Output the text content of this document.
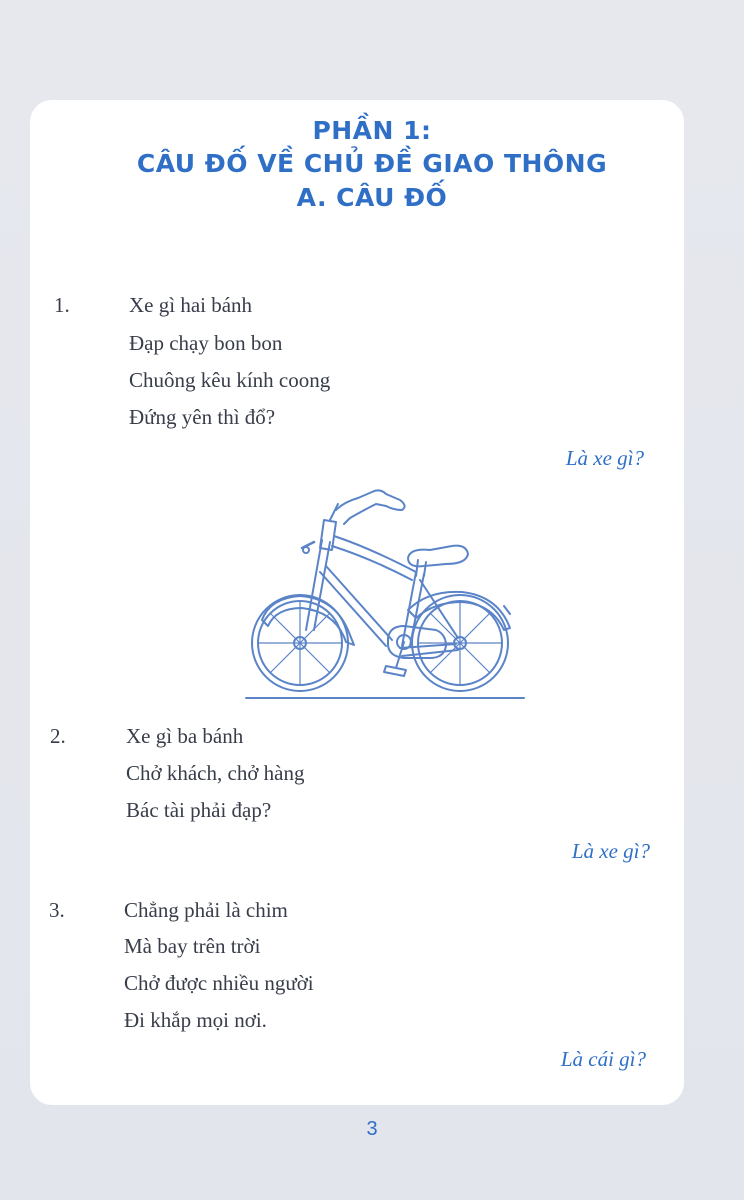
PHẦN 1:
CÂU ĐỐ VỀ CHỦ ĐỀ GIAO THÔNG
A. CÂU ĐỐ
1.	Xe gì hai bánh
Đạp chạy bon bon
Chuông kêu kính coong
Đứng yên thì đổ?
Là xe gì?
2.	Xe gì ba bánh
Chở khách, chở hàng
Bác tài phải đạp?
Là xe gì?
3.	Chẳng phải là chim
Mà bay trên trời
Chở được nhiều người
Đi khắp mọi nơi.
Là cái gì?
3
